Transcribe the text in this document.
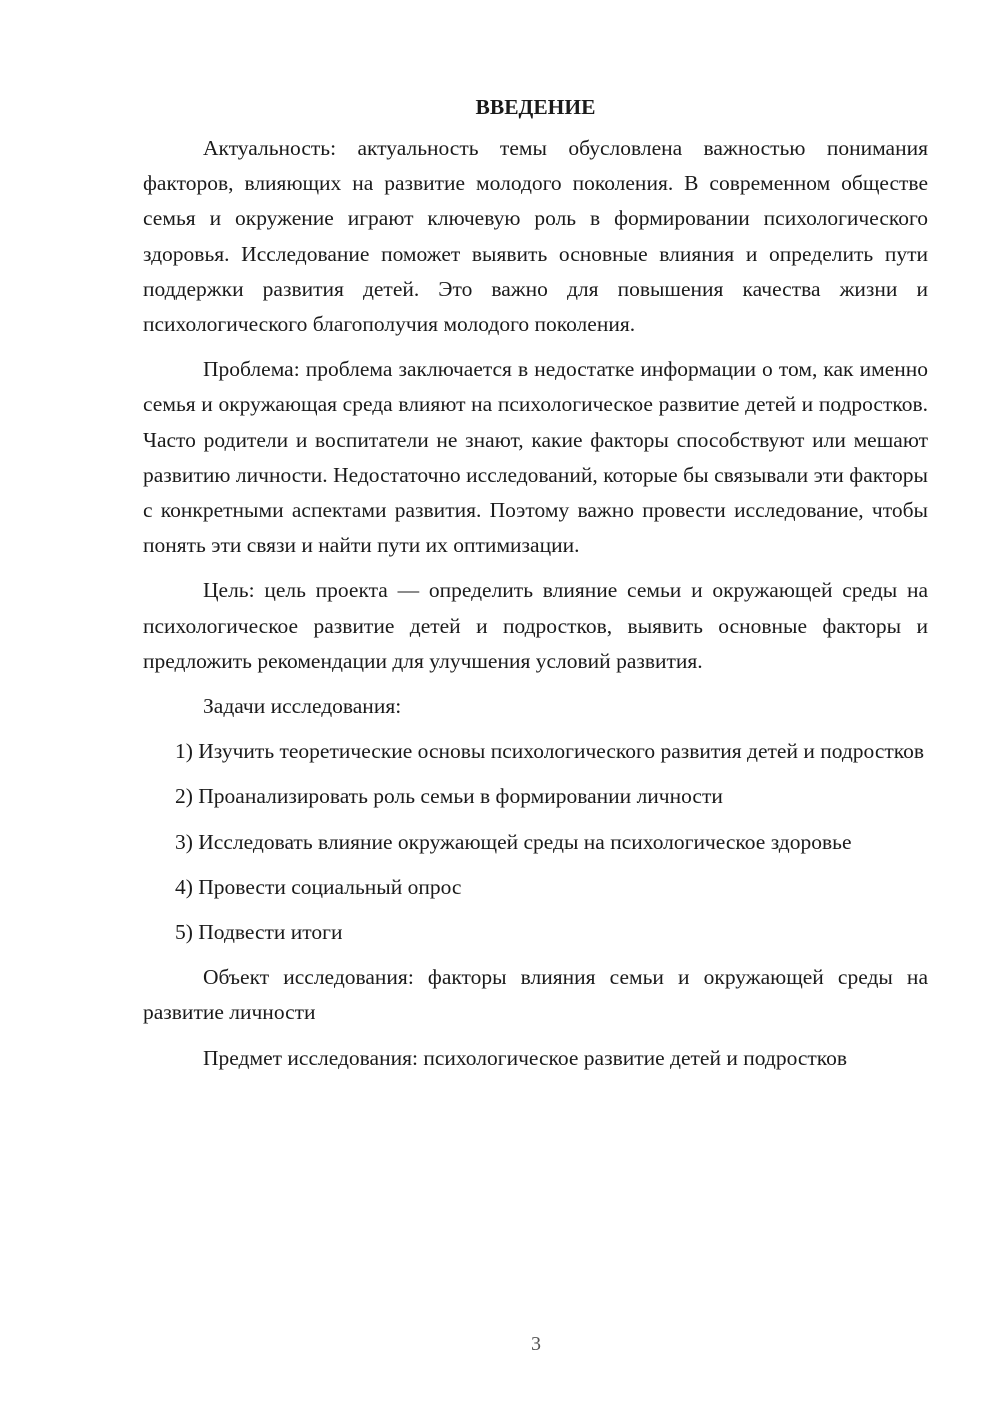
ВВЕДЕНИЕ

Актуальность: актуальность темы обусловлена важностью понимания факторов, влияющих на развитие молодого поколения. В современном обществе семья и окружение играют ключевую роль в формировании психологического здоровья. Исследование поможет выявить основные влияния и определить пути поддержки развития детей. Это важно для повышения качества жизни и психологического благополучия молодого поколения.

Проблема: проблема заключается в недостатке информации о том, как именно семья и окружающая среда влияют на психологическое развитие детей и подростков. Часто родители и воспитатели не знают, какие факторы способствуют или мешают развитию личности. Недостаточно исследований, которые бы связывали эти факторы с конкретными аспектами развития. Поэтому важно провести исследование, чтобы понять эти связи и найти пути их оптимизации.

Цель: цель проекта — определить влияние семьи и окружающей среды на психологическое развитие детей и подростков, выявить основные факторы и предложить рекомендации для улучшения условий развития.

Задачи исследования:

1) Изучить теоретические основы психологического развития детей и подростков

2) Проанализировать роль семьи в формировании личности

3) Исследовать влияние окружающей среды на психологическое здоровье

4) Провести социальный опрос

5) Подвести итоги

Объект исследования: факторы влияния семьи и окружающей среды на развитие личности

Предмет исследования: психологическое развитие детей и подростков

3
